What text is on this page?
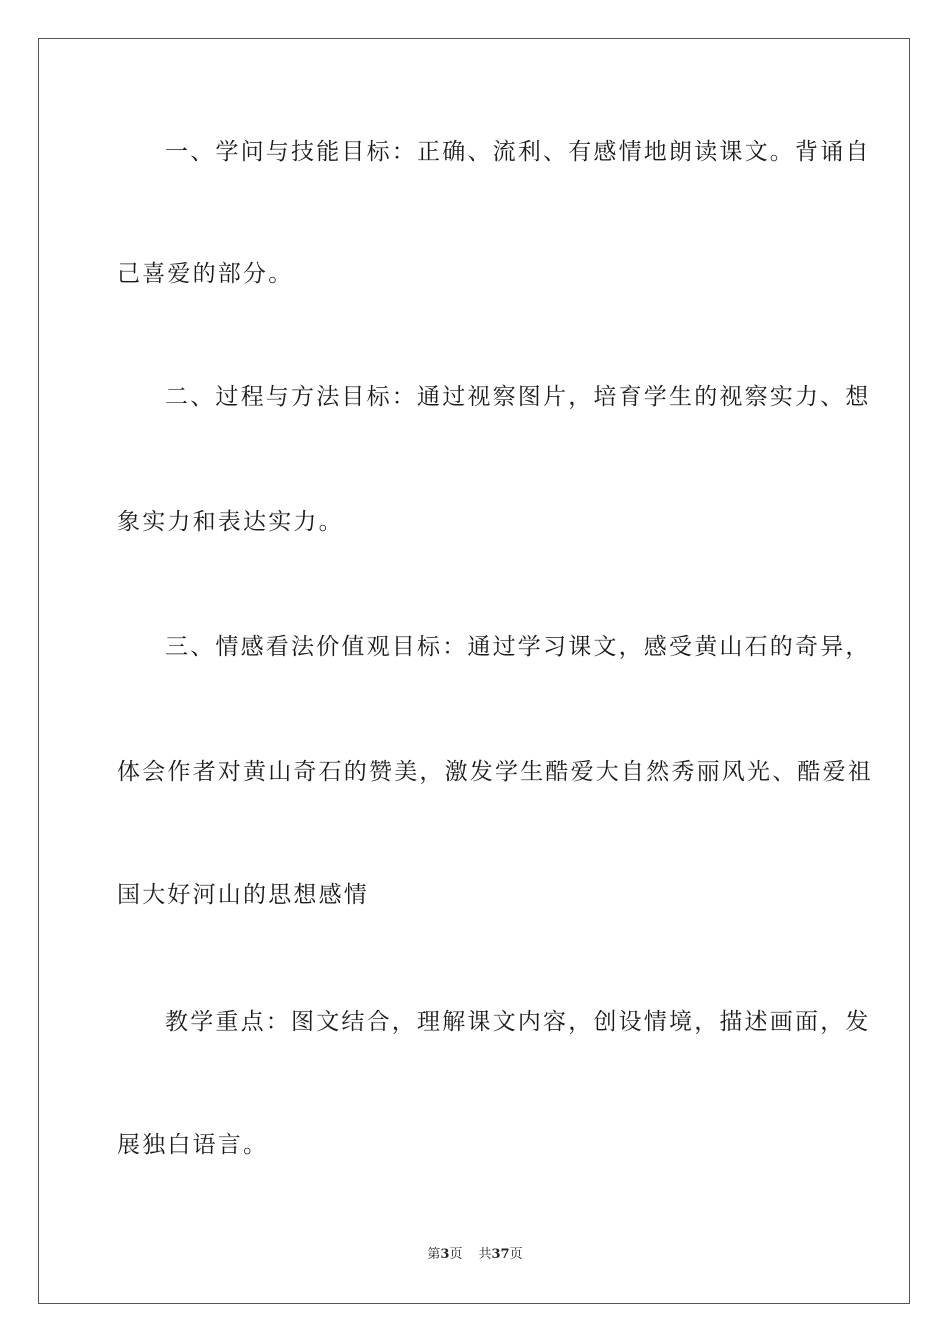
一、学问与技能目标：正确、流利、有感情地朗读课文。背诵自
己喜爱的部分。
二、过程与方法目标：通过视察图片，培育学生的视察实力、想
象实力和表达实力。
三、情感看法价值观目标：通过学习课文，感受黄山石的奇异，
体会作者对黄山奇石的赞美，激发学生酷爱大自然秀丽风光、酷爱祖
国大好河山的思想感情
教学重点：图文结合，理解课文内容，创设情境，描述画面，发
展独白语言。
第3页 共37页
